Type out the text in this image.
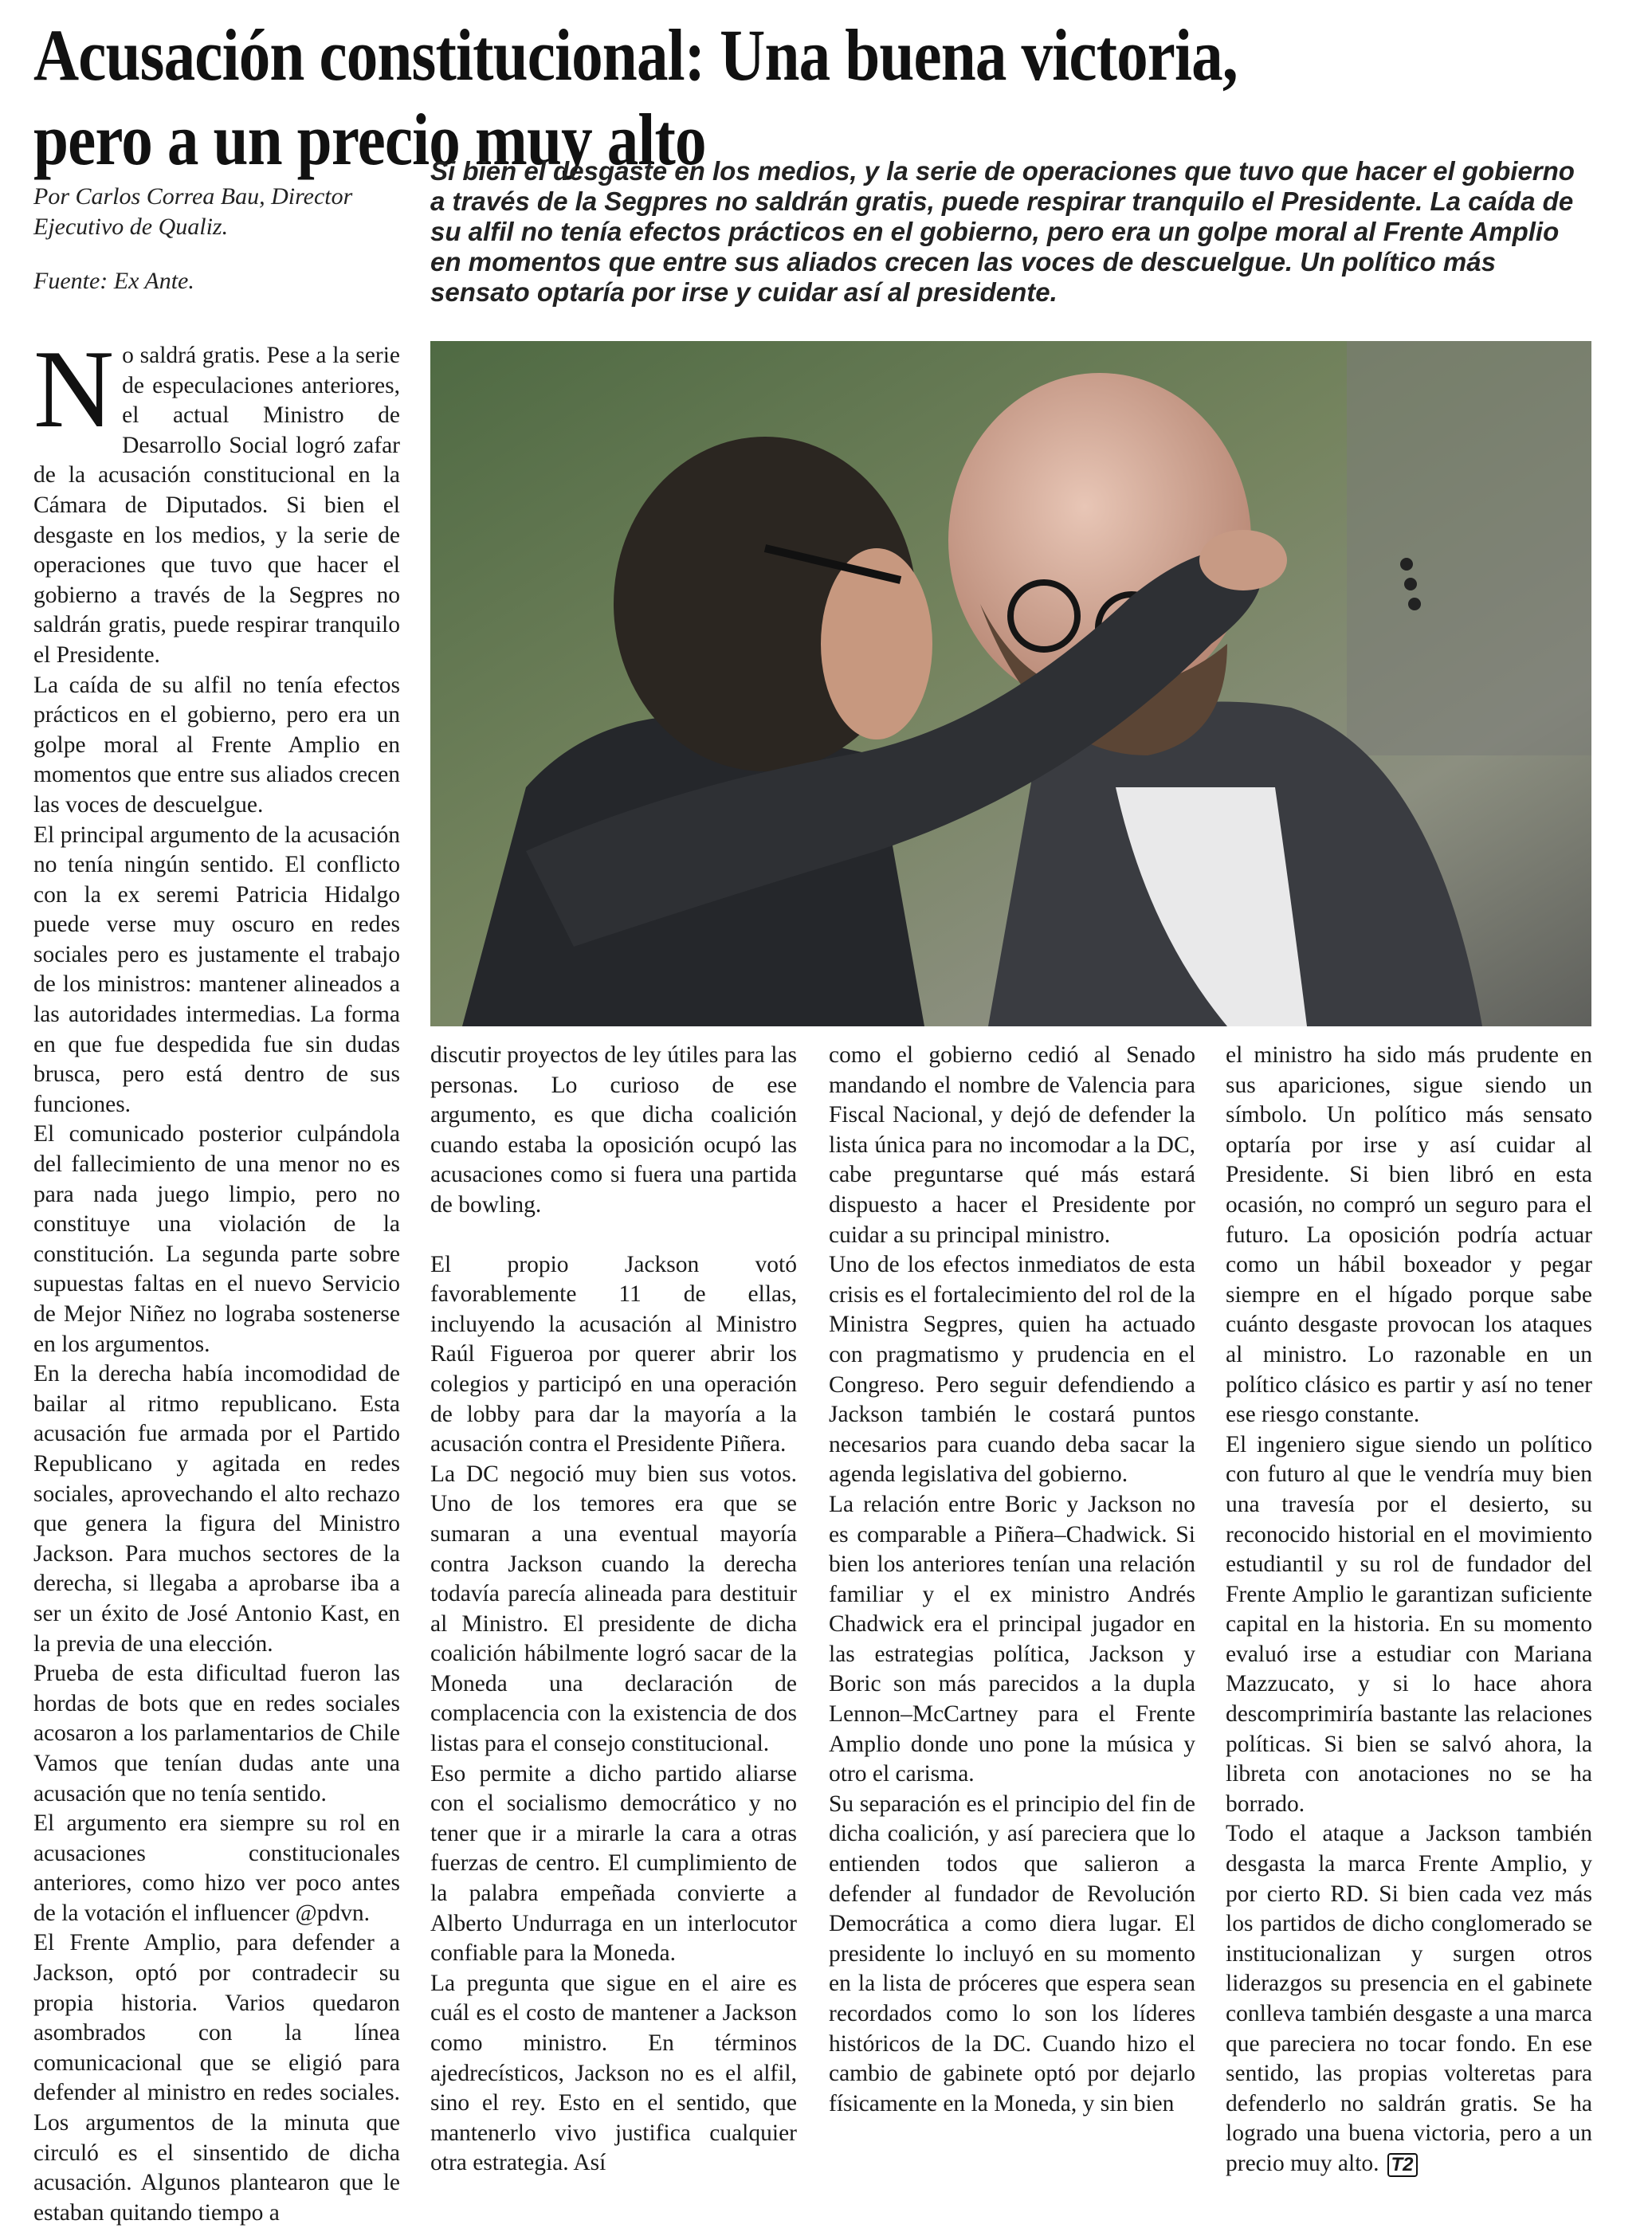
Acusación constitucional: Una buena victoria,
pero a un precio muy alto

Por Carlos Correa Bau, Director Ejecutivo de Qualiz.

Fuente: Ex Ante.

Si bien el desgaste en los medios, y la serie de operaciones que tuvo que hacer el gobierno a través de la Segpres no saldrán gratis, puede respirar tranquilo el Presidente. La caída de su alfil no tenía efectos prácticos en el gobierno, pero era un golpe moral al Frente Amplio en momentos que entre sus aliados crecen las voces de descuelgue. Un político más sensato optaría por irse y cuidar así al presidente.

No saldrá gratis. Pese a la serie de especulaciones anteriores, el actual Ministro de Desarrollo Social logró zafar de la acusación constitucional en la Cámara de Diputados. Si bien el desgaste en los medios, y la serie de operaciones que tuvo que hacer el gobierno a través de la Segpres no saldrán gratis, puede respirar tranquilo el Presidente.

La caída de su alfil no tenía efectos prácticos en el gobierno, pero era un golpe moral al Frente Amplio en momentos que entre sus aliados crecen las voces de descuelgue.

El principal argumento de la acusación no tenía ningún sentido. El conflicto con la ex seremi Patricia Hidalgo puede verse muy oscuro en redes sociales pero es justamente el trabajo de los ministros: mantener alineados a las autoridades intermedias. La forma en que fue despedida fue sin dudas brusca, pero está dentro de sus funciones.

El comunicado posterior culpándola del fallecimiento de una menor no es para nada juego limpio, pero no constituye una violación de la constitución. La segunda parte sobre supuestas faltas en el nuevo Servicio de Mejor Niñez no lograba sostenerse en los argumentos.

En la derecha había incomodidad de bailar al ritmo republicano. Esta acusación fue armada por el Partido Republicano y agitada en redes sociales, aprovechando el alto rechazo que genera la figura del Ministro Jackson. Para muchos sectores de la derecha, si llegaba a aprobarse iba a ser un éxito de José Antonio Kast, en la previa de una elección.

Prueba de esta dificultad fueron las hordas de bots que en redes sociales acosaron a los parlamentarios de Chile Vamos que tenían dudas ante una acusación que no tenía sentido.

El argumento era siempre su rol en acusaciones constitucionales anteriores, como hizo ver poco antes de la votación el influencer @pdvn.

El Frente Amplio, para defender a Jackson, optó por contradecir su propia historia. Varios quedaron asombrados con la línea comunicacional que se eligió para defender al ministro en redes sociales. Los argumentos de la minuta que circuló es el sinsentido de dicha acusación. Algunos plantearon que le estaban quitando tiempo a

discutir proyectos de ley útiles para las personas. Lo curioso de ese argumento, es que dicha coalición cuando estaba la oposición ocupó las acusaciones como si fuera una partida de bowling.

El propio Jackson votó favorablemente 11 de ellas, incluyendo la acusación al Ministro Raúl Figueroa por querer abrir los colegios y participó en una operación de lobby para dar la mayoría a la acusación contra el Presidente Piñera.

La DC negoció muy bien sus votos. Uno de los temores era que se sumaran a una eventual mayoría contra Jackson cuando la derecha todavía parecía alineada para destituir al Ministro. El presidente de dicha coalición hábilmente logró sacar de la Moneda una declaración de complacencia con la existencia de dos listas para el consejo constitucional.

Eso permite a dicho partido aliarse con el socialismo democrático y no tener que ir a mirarle la cara a otras fuerzas de centro. El cumplimiento de la palabra empeñada convierte a Alberto Undurraga en un interlocutor confiable para la Moneda.

La pregunta que sigue en el aire es cuál es el costo de mantener a Jackson como ministro. En términos ajedrecísticos, Jackson no es el alfil, sino el rey. Esto en el sentido, que mantenerlo vivo justifica cualquier otra estrategia. Así

como el gobierno cedió al Senado mandando el nombre de Valencia para Fiscal Nacional, y dejó de defender la lista única para no incomodar a la DC, cabe preguntarse qué más estará dispuesto a hacer el Presidente por cuidar a su principal ministro.

Uno de los efectos inmediatos de esta crisis es el fortalecimiento del rol de la Ministra Segpres, quien ha actuado con pragmatismo y prudencia en el Congreso. Pero seguir defendiendo a Jackson también le costará puntos necesarios para cuando deba sacar la agenda legislativa del gobierno.

La relación entre Boric y Jackson no es comparable a Piñera–Chadwick. Si bien los anteriores tenían una relación familiar y el ex ministro Andrés Chadwick era el principal jugador en las estrategias política, Jackson y Boric son más parecidos a la dupla Lennon–McCartney para el Frente Amplio donde uno pone la música y otro el carisma.

Su separación es el principio del fin de dicha coalición, y así pareciera que lo entienden todos que salieron a defender al fundador de Revolución Democrática a como diera lugar. El presidente lo incluyó en su momento en la lista de próceres que espera sean recordados como lo son los líderes históricos de la DC. Cuando hizo el cambio de gabinete optó por dejarlo físicamente en la Moneda, y sin bien

el ministro ha sido más prudente en sus apariciones, sigue siendo un símbolo. Un político más sensato optaría por irse y así cuidar al Presidente. Si bien libró en esta ocasión, no compró un seguro para el futuro. La oposición podría actuar como un hábil boxeador y pegar siempre en el hígado porque sabe cuánto desgaste provocan los ataques al ministro. Lo razonable en un político clásico es partir y así no tener ese riesgo constante.

El ingeniero sigue siendo un político con futuro al que le vendría muy bien una travesía por el desierto, su reconocido historial en el movimiento estudiantil y su rol de fundador del Frente Amplio le garantizan suficiente capital en la historia. En su momento evaluó irse a estudiar con Mariana Mazzucato, y si lo hace ahora descomprimiría bastante las relaciones políticas. Si bien se salvó ahora, la libreta con anotaciones no se ha borrado.

Todo el ataque a Jackson también desgasta la marca Frente Amplio, y por cierto RD. Si bien cada vez más los partidos de dicho conglomerado se institucionalizan y surgen otros liderazgos su presencia en el gabinete conlleva también desgaste a una marca que pareciera no tocar fondo. En ese sentido, las propias volteretas para defenderlo no saldrán gratis. Se ha logrado una buena victoria, pero a un precio muy alto. T2
